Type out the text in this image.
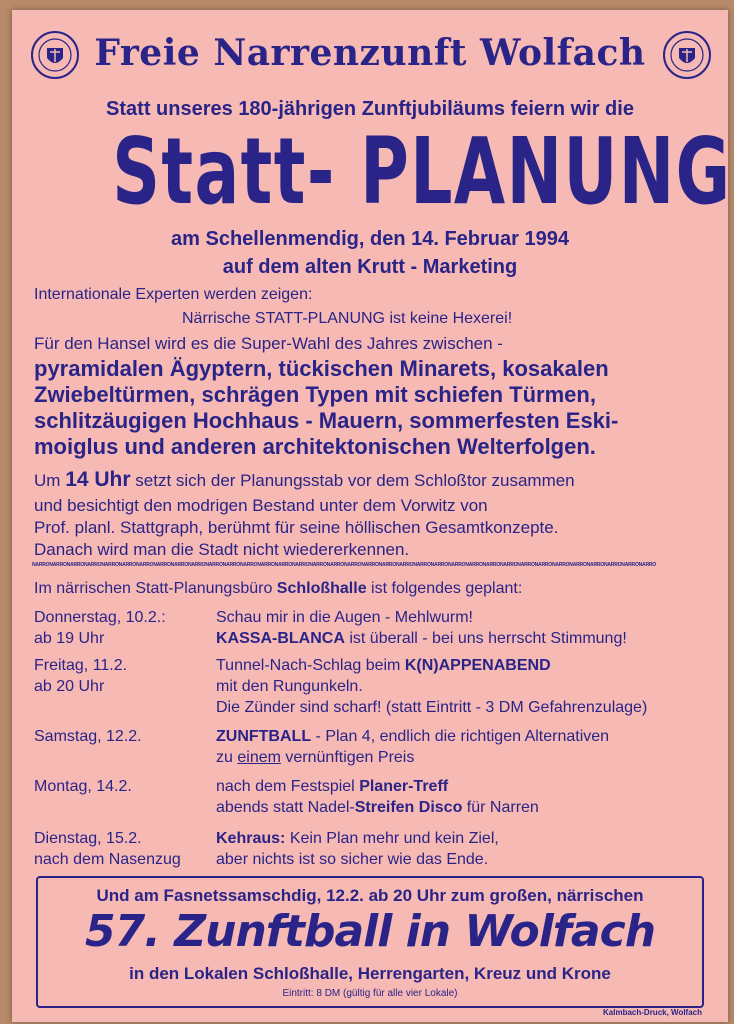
Freie Narrenzunft Wolfach
Statt unseres 180-jährigen Zunftjubiläums feiern wir die
Statt- PLANUNG
am Schellenmendig, den 14. Februar 1994
auf dem alten Krutt - Marketing
Internationale Experten werden zeigen:
Närrische STATT-PLANUNG ist keine Hexerei!
Für den Hansel wird es die Super-Wahl des Jahres zwischen -
pyramidalen Ägyptern, tückischen Minarets, kosakalen
Zwiebeltürmen, schrägen Typen mit schiefen Türmen,
schlitzäugigen Hochhaus - Mauern, sommerfesten Eski-
moiglus und anderen architektonischen Welterfolgen.
Um 14 Uhr setzt sich der Planungsstab vor dem Schloßtor zusammen
und besichtigt den modrigen Bestand unter dem Vorwitz von
Prof. planl. Stattgraph, berühmt für seine höllischen Gesamtkonzepte.
Danach wird man die Stadt nicht wiedererkennen.
NARRONARRONARRONARRONARRONARRONARRONARRONARRONARRONARRONARRONARRONARRONARRONARRONARRONARRONARRONARRONARRONARRONARRONARRONARRONARRONARRONARRONARRONARRONARRONARRONARRONARRONARRONARRO
Im närrischen Statt-Planungsbüro Schloßhalle ist folgendes geplant:
Donnerstag, 10.2.:
ab 19 Uhr
Schau mir in die Augen - Mehlwurm!
KASSA-BLANCA ist überall - bei uns herrscht Stimmung!
Freitag, 11.2.
ab 20 Uhr
Tunnel-Nach-Schlag beim K(N)APPENABEND
mit den Rungunkeln.
Die Zünder sind scharf! (statt Eintritt - 3 DM Gefahrenzulage)
Samstag, 12.2.	ZUNFTBALL - Plan 4, endlich die richtigen Alternativen
zu einem vernünftigen Preis
Montag, 14.2.	nach dem Festspiel Planer-Treff
abends statt Nadel-Streifen Disco für Narren
Dienstag, 15.2.
nach dem Nasenzug
Kehraus: Kein Plan mehr und kein Ziel,
aber nichts ist so sicher wie das Ende.
Und am Fasnetssamschdig, 12.2. ab 20 Uhr zum großen, närrischen
57. Zunftball in Wolfach
in den Lokalen Schloßhalle, Herrengarten, Kreuz und Krone
Eintritt: 8 DM (gültig für alle vier Lokale)
Kalmbach-Druck, Wolfach
